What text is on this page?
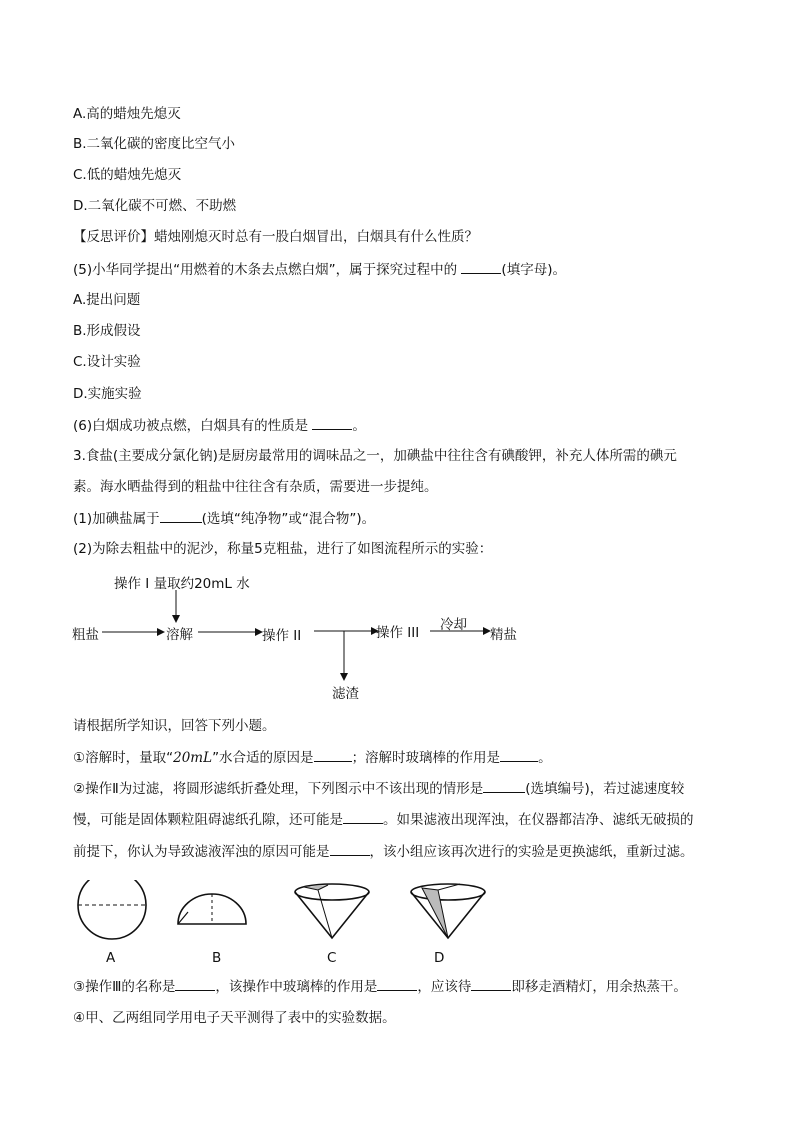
A.高的蜡烛先熄灭
B.二氧化碳的密度比空气小
C.低的蜡烛先熄灭
D.二氧化碳不可燃、不助燃
【反思评价】蜡烛刚熄灭时总有一股白烟冒出，白烟具有什么性质？
(5)小华同学提出“用燃着的木条去点燃白烟”，属于探究过程中的	(填字母)。
A.提出问题
B.形成假设
C.设计实验
D.实施实验
(6)白烟成功被点燃，白烟具有的性质是	。
3.食盐(主要成分氯化钠)是厨房最常用的调味品之一，加碘盐中往往含有碘酸钾，补充人体所需的碘元
素。海水晒盐得到的粗盐中往往含有杂质，需要进一步提纯。
(1)加碘盐属于	(选填“纯净物”或“混合物”)。
(2)为除去粗盐中的泥沙，称量5克粗盐，进行了如图流程所示的实验：
操作 I 量取约20mL 水
粗盐	溶解	操作 II	操作 III 冷却
精盐
滤渣
请根据所学知识，回答下列小题。
①溶解时，量取“20mL”水合适的原因是	；溶解时玻璃棒的作用是	。
②操作Ⅱ为过滤，将圆形滤纸折叠处理，下列图示中不该出现的情形是	(选填编号)，若过滤速度较
慢，可能是固体颗粒阻碍滤纸孔隙，还可能是	。如果滤液出现浑浊，在仪器都洁净、滤纸无破损的
前提下，你认为导致滤液浑浊的原因可能是	，该小组应该再次进行的实验是更换滤纸，重新过滤。
A	B	C	D
③操作Ⅲ的名称是	，该操作中玻璃棒的作用是	，应该待	即移走酒精灯，用余热蒸干。
④甲、乙两组同学用电子天平测得了表中的实验数据。
